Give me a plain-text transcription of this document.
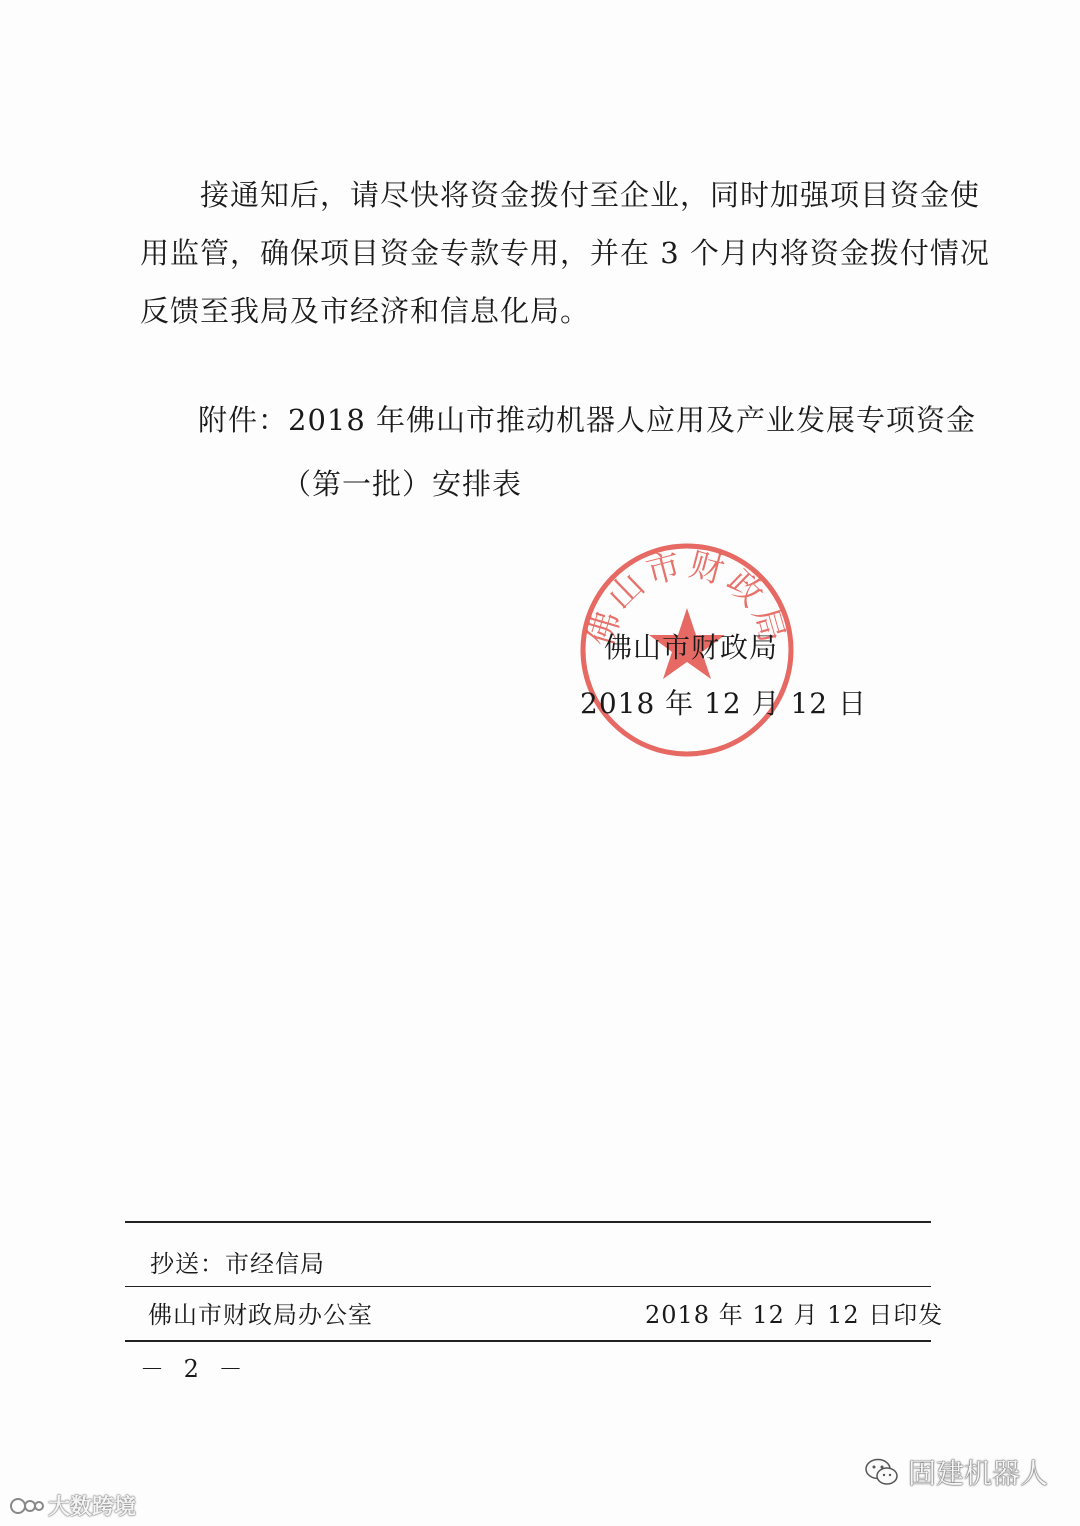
接通知后，请尽快将资金拨付至企业，同时加强项目资金使
用监管，确保项目资金专款专用，并在 3 个月内将资金拨付情况
反馈至我局及市经济和信息化局。
附件：2018 年佛山市推动机器人应用及产业发展专项资金
（第一批）安排表
佛山市财政局
佛山市财政局
2018 年 12 月 12 日
抄送：市经信局
佛山市财政局办公室	2018 年 12 月 12 日印发
－ 2 －
大数跨境
固建机器人
